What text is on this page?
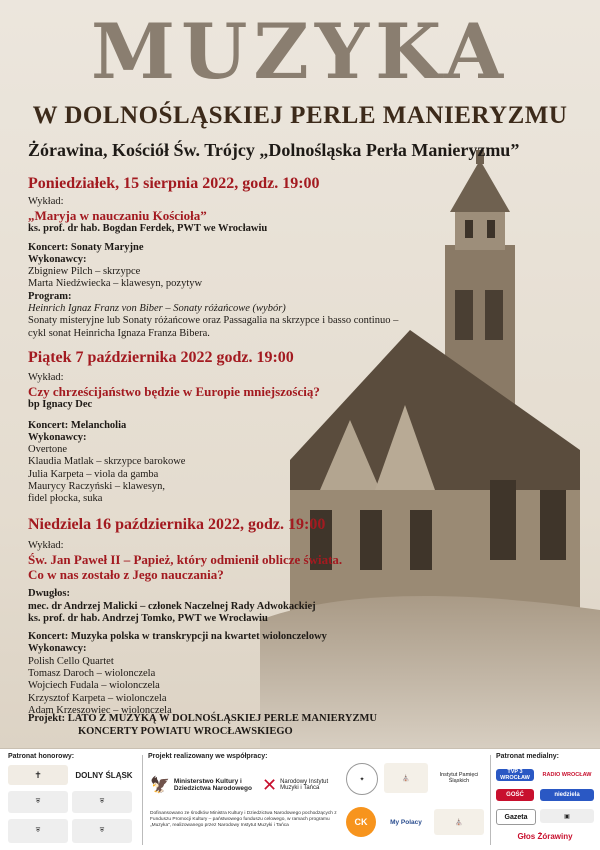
MUZYKA
W DOLNOŚLĄSKIEJ PERLE MANIERYZMU
Żórawina, Kościół Św. Trójcy „Dolnośląska Perła Manieryzmu”
Poniedziałek, 15 sierpnia 2022, godz. 19:00
Wykład:
„Maryja w nauczaniu Kościoła”
ks. prof. dr hab. Bogdan Ferdek, PWT we Wrocławiu
Koncert: Sonaty Maryjne
Wykonawcy:
Zbigniew Pilch – skrzypce
Marta Niedźwiecka – klawesyn, pozytyw
Program:
Heinrich Ignaz Franz von Biber – Sonaty różańcowe (wybór)
Sonaty misteryjne lub Sonaty różańcowe oraz Passagalia na skrzypce i basso continuo –
cykl sonat Heinricha Ignaza Franza Bibera.
Piątek 7 października 2022 godz. 19:00
Wykład:
Czy chrześcijaństwo będzie w Europie mniejszością?
bp Ignacy Dec
Koncert: Melancholia
Wykonawcy:
Overtone
Klaudia Matlak – skrzypce barokowe
Julia Karpeta – viola da gamba
Maurycy Raczyński – klawesyn,
fidel płocka, suka
Niedziela 16 października 2022, godz. 19:00
Wykład:
Św. Jan Paweł II – Papież, który odmienił oblicze świata.
Co w nas zostało z Jego nauczania?
Dwugłos:
mec. dr Andrzej Malicki – członek Naczelnej Rady Adwokackiej
ks. prof. dr hab. Andrzej Tomko, PWT we Wrocławiu
Koncert: Muzyka polska w transkrypcji na kwartet wiolonczelowy
Wykonawcy:
Polish Cello Quartet
Tomasz Daroch – wiolonczela
Wojciech Fudala – wiolonczela
Krzysztof Karpeta – wiolonczela
Adam Krzeszowiec – wiolonczela
Projekt: LATO Z MUZYKĄ W DOLNOŚLĄSKIEJ PERLE MANIERYZMU
KONCERTY POWIATU WROCŁAWSKIEGO
Patronat honorowy:	Projekt realizowany we współpracy:	Patronat medialny:
✝	DOLNY ŚLĄSK
⛨	⛨
⛨	⛨
🦅 Ministerstwo Kultury i Dziedzictwa Narodowego ✕ Narodowy Instytut Muzyki i Tańca
Dofinansowano ze środków Ministra Kultury i Dziedzictwa Narodowego pochodzących z Funduszu Promocji Kultury – państwowego funduszu celowego, w ramach programu „Muzyka”, realizowanego przez Narodowy Instytut Muzyki i Tańca
✦	⛪
Instytut Pamięci Śląskich
CK	My Polacy	⛪
TVP 3 WROCŁAW	RADIO WROCŁAW
GOŚĆ	niedziela
Gazeta	▣
Głos Żórawiny
